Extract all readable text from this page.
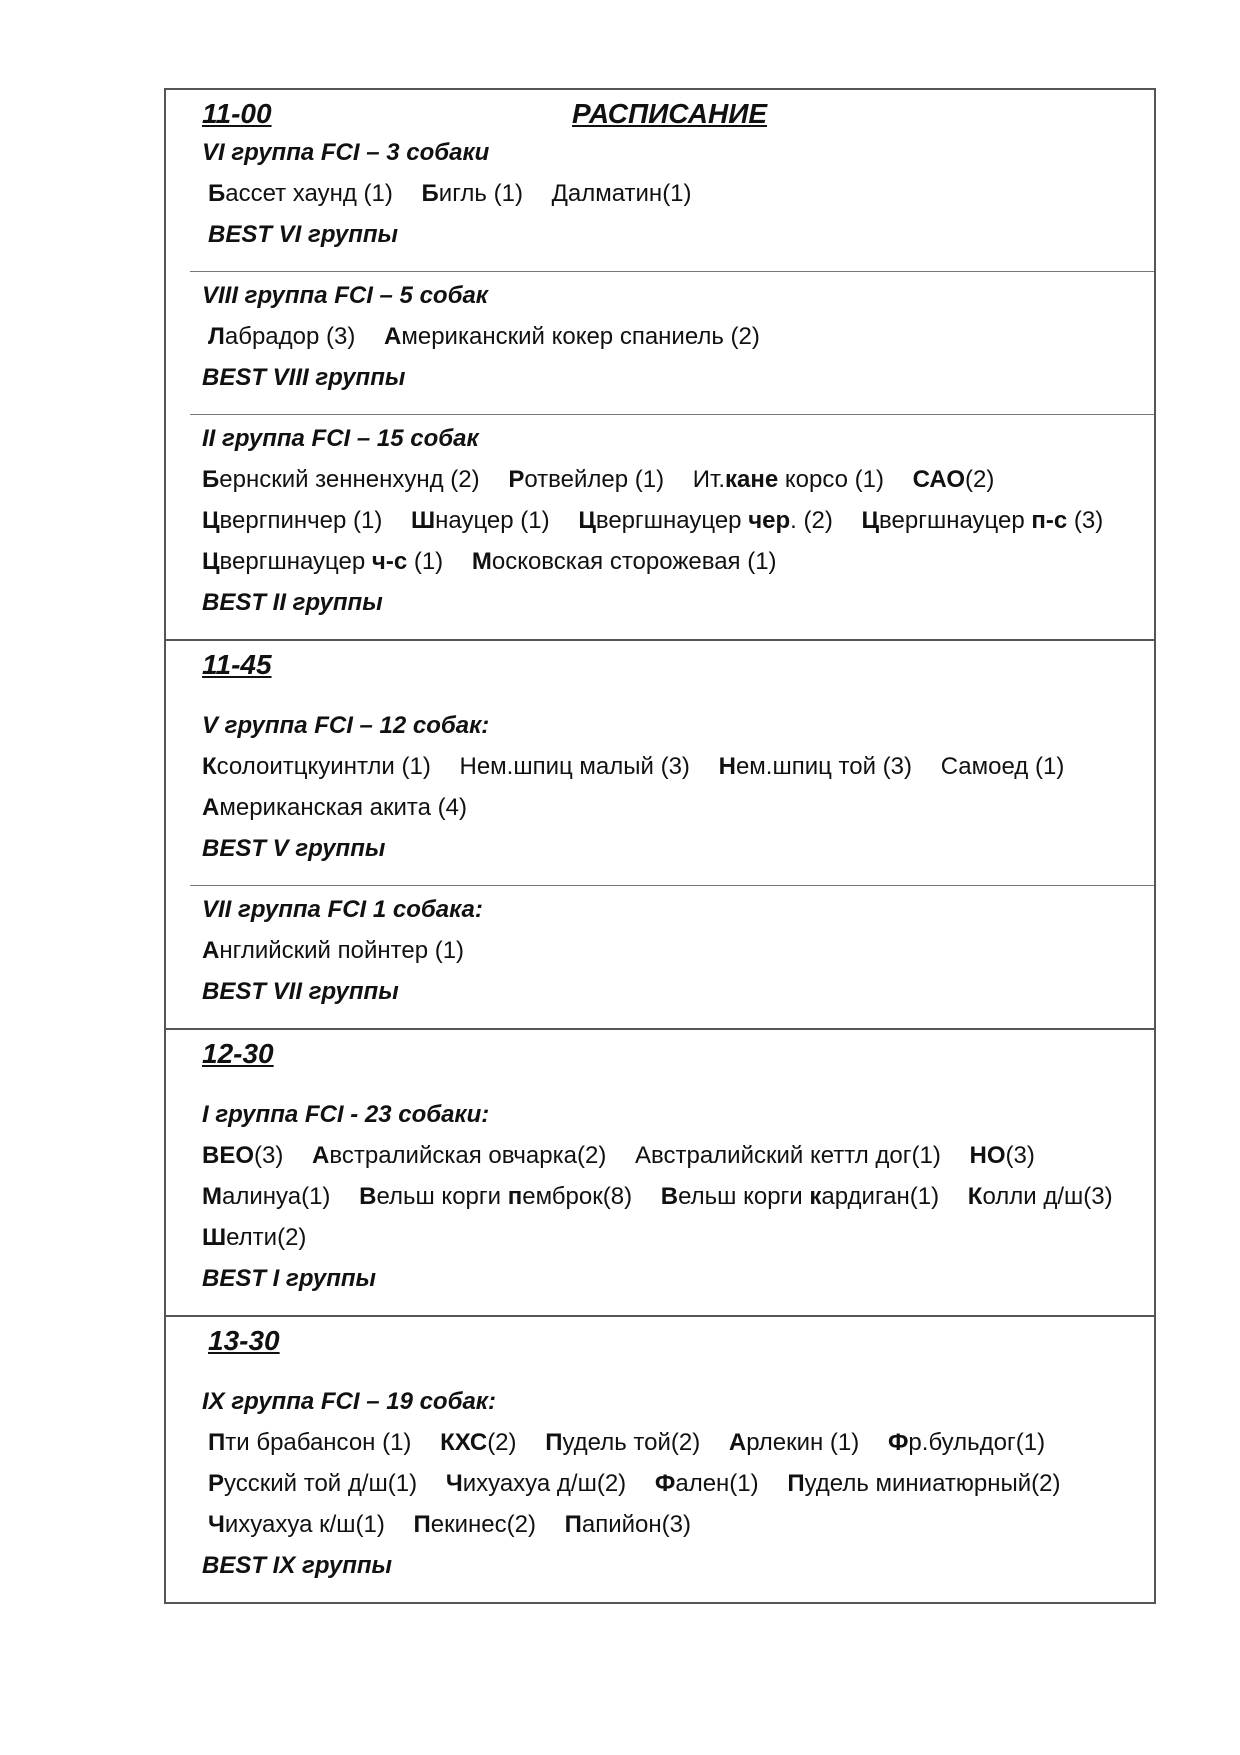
11-00	РАСПИСАНИЕ
VI группа FCI – 3 собаки
Бассет хаунд (1) Бигль (1) Далматин(1)
BEST VI группы
VIII группа FCI – 5 собак
Лабрадор (3) Американский кокер спаниель (2)
BEST VIII группы
II группа FCI – 15 собак
Бернский зенненхунд (2) Ротвейлер (1) Ит.кане корсо (1) САО(2) Цвергпинчер (1) Шнауцер (1) Цвергшнауцер чер. (2) Цвергшнауцер п-с (3) Цвергшнауцер ч-с (1) Московская сторожевая (1)
BEST II группы
11-45
V группа FCI – 12 собак:
Ксолоитцкуинтли (1) Нем.шпиц малый (3) Нем.шпиц той (3) Самоед (1) Американская акита (4)
BEST V группы
VII группа FCI 1 собака:
Английский пойнтер (1)
BEST VII группы
12-30
I группа FCI - 23 собаки:
BEO(3) Австралийская овчарка(2) Австралийский кеттл дог(1) НО(3) Малинуа(1) Вельш корги пемброк(8) Вельш корги кардиган(1) Колли д/ш(3) Шелти(2)
BEST I группы
13-30
IX группа FCI – 19 собак:
Пти брабансон (1) КХС(2) Пудель той(2) Арлекин (1) Фр.бульдог(1) Русский той д/ш(1) Чихуахуа д/ш(2) Фален(1) Пудель миниатюрный(2) Чихуахуа к/ш(1) Пекинес(2) Папийон(3)
BEST IX группы
